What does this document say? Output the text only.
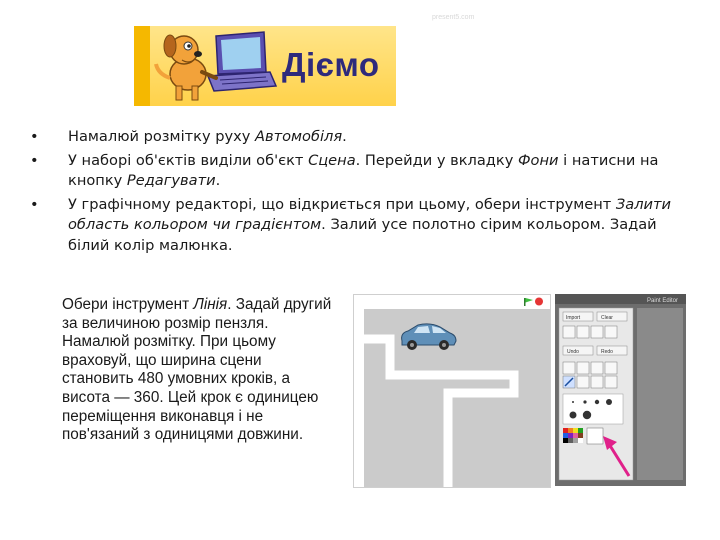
present5.com
Дiємо
• Намалюй розмітку руху Автомобіля.
• У наборі об'єктів виділи об'єкт Сцена. Перейди у вкладку Фони і натисни на кнопку Редагувати.
• У графічному редакторі, що відкриється при цьому, обери інструмент Залити область кольором чи градієнтом. Залий усе полотно сірим кольором. Задай білий колір малюнка.
Обери інструмент Лінія. Задай другий за величиною розмір пензля. Намалюй розмітку. При цьому враховуй, що ширина сцени становить 480 умовних кроків, а висота — 360. Цей крок є одиницею переміщення виконавця і не пов'язаний з одиницями довжини.
Paint Editor
Import	Clear
Undo	Redo
